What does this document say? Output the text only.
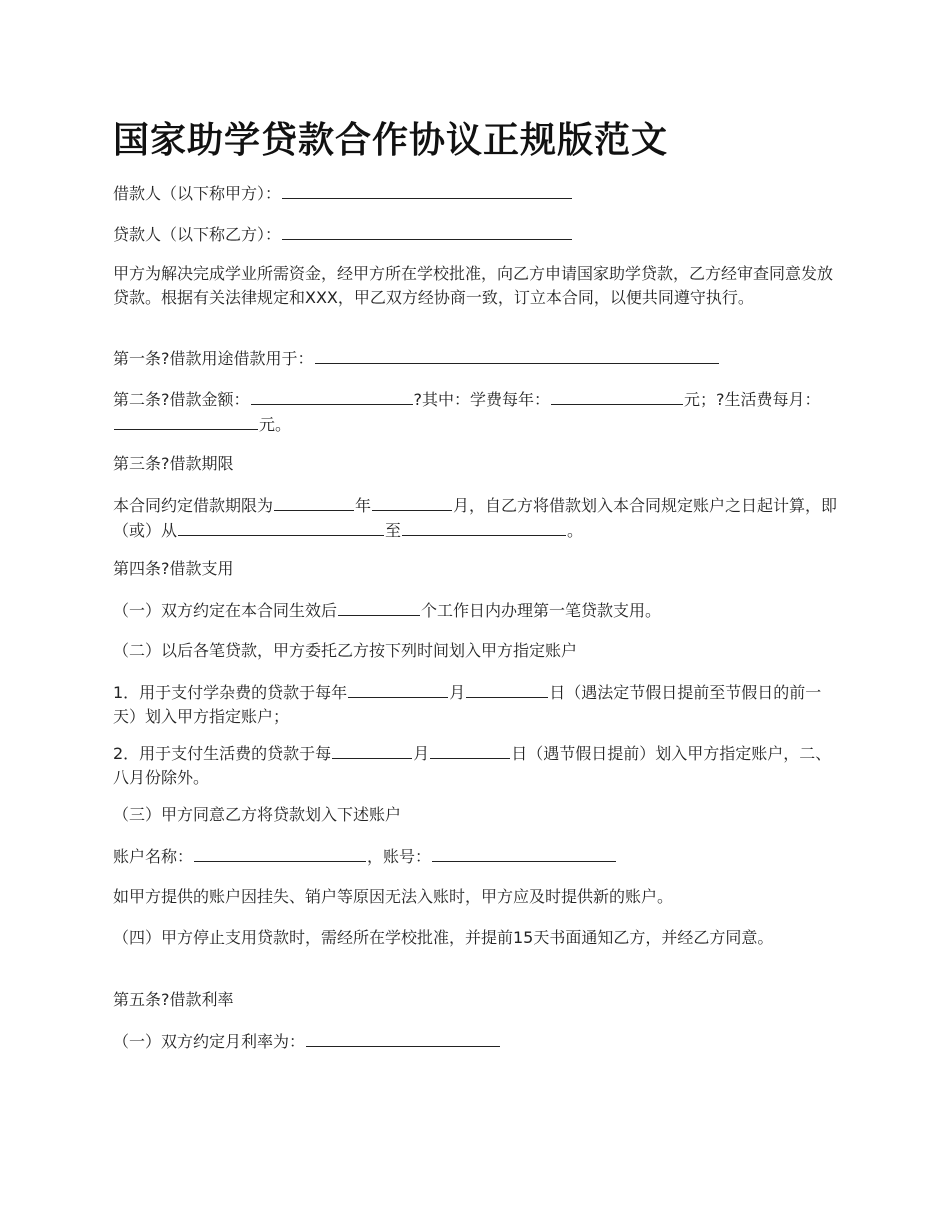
国家助学贷款合作协议正规版范文

借款人（以下称甲方）：

贷款人（以下称乙方）：

甲方为解决完成学业所需资金，经甲方所在学校批准，向乙方申请国家助学贷款，乙方经审查同意发放贷款。根据有关法律规定和XXX，甲乙双方经协商一致，订立本合同，以便共同遵守执行。

第一条?借款用途借款用于：

第二条?借款金额：	?其中：学费每年：	元；?生活费每月：元。

第三条?借款期限

本合同约定借款期限为	年	月，自乙方将借款划入本合同规定账户之日起计算，即（或）从	至	。

第四条?借款支用

（一）双方约定在本合同生效后	个工作日内办理第一笔贷款支用。

（二）以后各笔贷款，甲方委托乙方按下列时间划入甲方指定账户

1．用于支付学杂费的贷款于每年	月	日（遇法定节假日提前至节假日的前一天）划入甲方指定账户；

2．用于支付生活费的贷款于每	月	日（遇节假日提前）划入甲方指定账户，二、八月份除外。

（三）甲方同意乙方将贷款划入下述账户

账户名称：	，账号：

如甲方提供的账户因挂失、销户等原因无法入账时，甲方应及时提供新的账户。

（四）甲方停止支用贷款时，需经所在学校批准，并提前15天书面通知乙方，并经乙方同意。

第五条?借款利率

（一）双方约定月利率为：
